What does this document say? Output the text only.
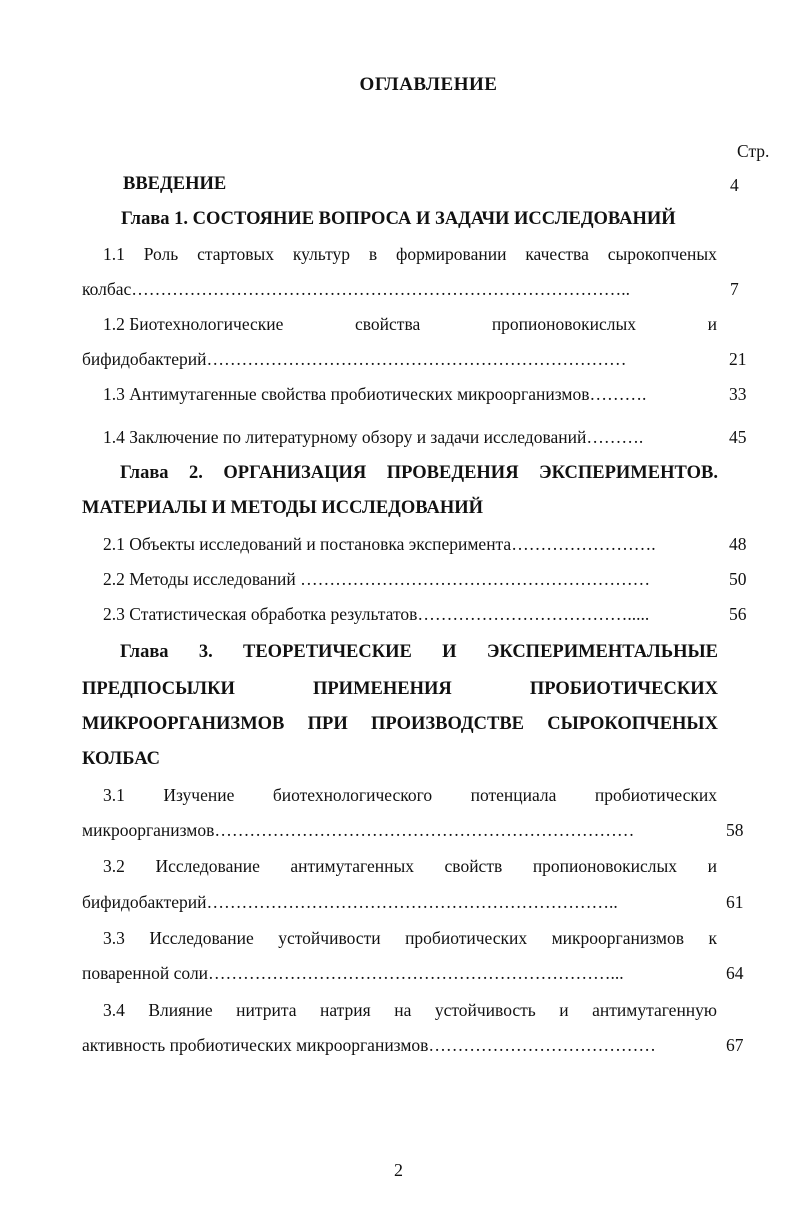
ОГЛАВЛЕНИЕ
Стр.
ВВЕДЕНИЕ	4
Глава 1. СОСТОЯНИЕ ВОПРОСА И ЗАДАЧИ ИССЛЕДОВАНИЙ
1.1 Роль стартовых культур в формировании качества сырокопченых
колбас…………………………………………………………………………..	7
1.2 Биотехнологические	свойства	пропионовокислых	и
бифидобактерий………………………………………………………………	21
1.3 Антимутагенные свойства пробиотических микроорганизмов……….	33
1.4 Заключение по литературному обзору и задачи исследований……….	45
Глава 2. ОРГАНИЗАЦИЯ ПРОВЕДЕНИЯ ЭКСПЕРИМЕНТОВ.
МАТЕРИАЛЫ И МЕТОДЫ ИССЛЕДОВАНИЙ
2.1 Объекты исследований и постановка эксперимента…………………….	48
2.2 Методы исследований ……………………………………………………	50
2.3 Статистическая обработка результатов……………………………….....	56
Глава 3. ТЕОРЕТИЧЕСКИЕ И ЭКСПЕРИМЕНТАЛЬНЫЕ
ПРЕДПОСЫЛКИ	ПРИМЕНЕНИЯ	ПРОБИОТИЧЕСКИХ
МИКРООРГАНИЗМОВ ПРИ ПРОИЗВОДСТВЕ СЫРОКОПЧЕНЫХ
КОЛБАС
3.1 Изучение биотехнологического потенциала пробиотических
микроорганизмов………………………………………………………………	58
3.2 Исследование антимутагенных свойств пропионовокислых и
бифидобактерий……………………………………………………………..	61
3.3 Исследование устойчивости пробиотических микроорганизмов к
поваренной соли……………………………………………………………...	64
3.4 Влияние нитрита натрия на устойчивость и антимутагенную
активность пробиотических микроорганизмов…………………………………	67
2
